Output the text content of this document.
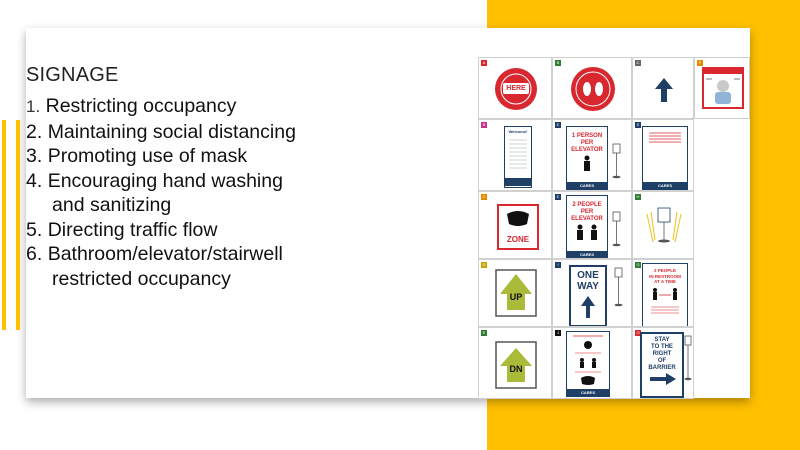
SIGNAGE
1. Restricting occupancy
2. Maintaining social distancing
3. Promoting use of mask
4. Encouraging hand washing
and sanitizing
5. Directing traffic flow
6. Bathroom/elevator/stairwell
restricted occupancy
A
HERE
B	C	F
B
Welcome!
E
1 PERSON
PER
ELEVATOR
CARES
S
CARES
C
ZONE
E
2 PEOPLE
PER
ELEVATOR
CARES
H
D
UP
I
ONE
WAY
G
2 PEOPLE
IN RESTROOM
AT A TIME
E
DN
J
CARES
O
STAY
TO THE
RIGHT
OF
BARRIER
